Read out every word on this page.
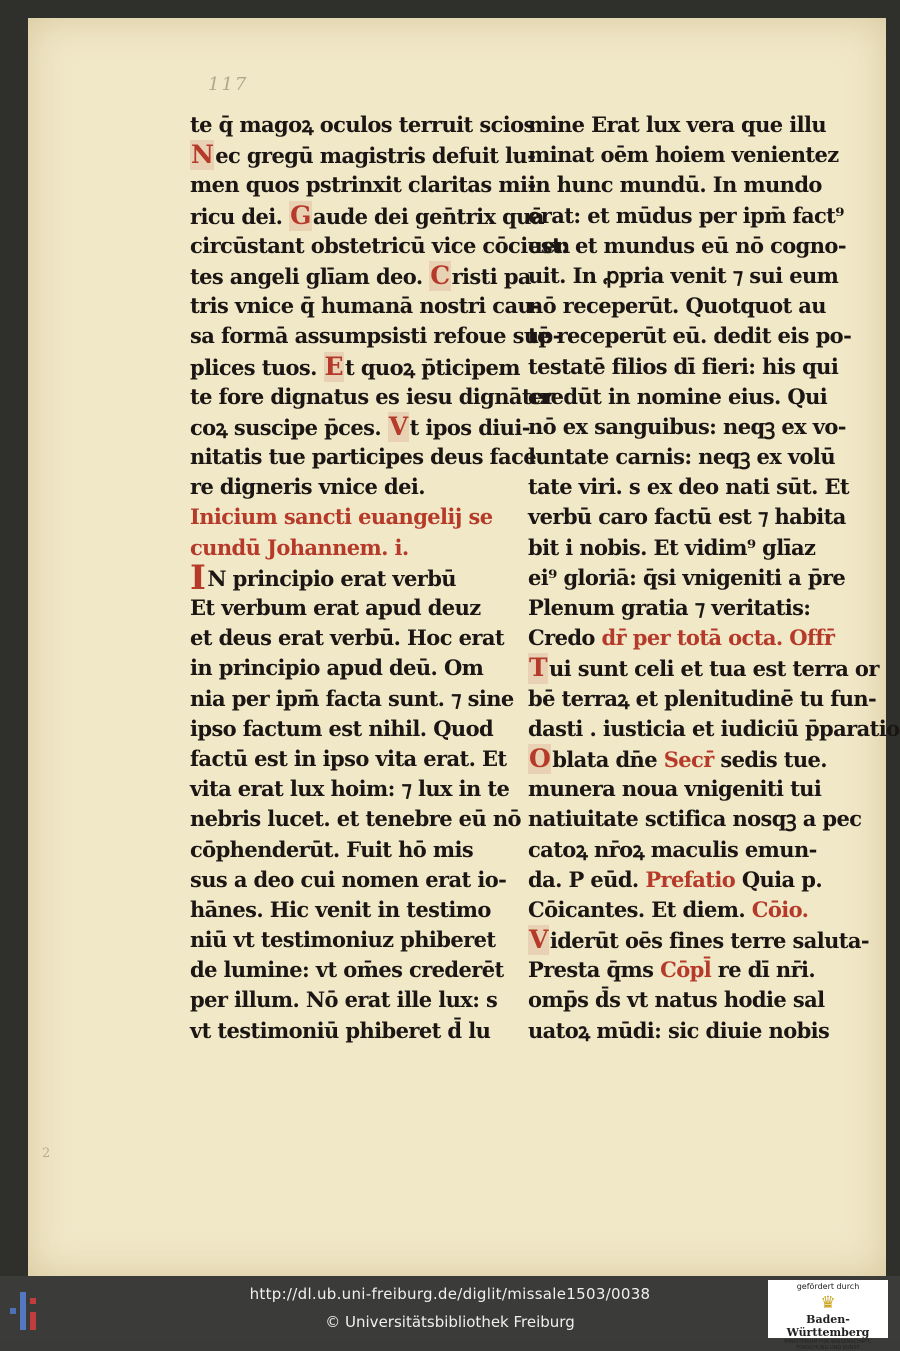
117
2
te q̄ magoꝝ oculos terruit scios
Nec gregū magistris defuit lu-
men quos pstrinxit claritas mi-
ricu dei. Gaude dei gen̄trix quā
circūstant obstetricū vice cōciuen
tes angeli glīam deo. Cristi pa
tris vnice q̄ humanā nostri cau-
sa formā assumpsisti refoue sup-
plices tuos. Et quoꝝ p̄ticipem
te fore dignatus es iesu dignāter
coꝝ suscipe p̄ces. Vt ipos diui-
nitatis tue participes deus face
re digneris vnice dei.
Inicium sancti euangelij se
cundū Johannem. i.
IN principio erat verbū
Et verbum erat apud deuz
et deus erat verbū. Hoc erat
in principio apud deū. Om
nia per ipm̄ facta sunt. ⁊ sine
ipso factum est nihil. Quod
factū est in ipso vita erat. Et
vita erat lux hoim: ⁊ lux in te
nebris lucet. et tenebre eū nō
cōphenderūt. Fuit hō mis
sus a deo cui nomen erat io-
hānes. Hic venit in testimo
niū vt testimoniuz phiberet
de lumine: vt om̄es crederēt
per illum. Nō erat ille lux: s
vt testimoniū phiberet d̄ lu
mine Erat lux vera que illu
minat oēm hoiem venientez
in hunc mundū. In mundo
erat: et mūdus per ipm̄ fact⁹
est: et mundus eū nō cogno-
uit. In ꝓpria venit ⁊ sui eum
nō receperūt. Quotquot au
tē receperūt eū. dedit eis po-
testatē filios dī fieri: his qui
credūt in nomine eius. Qui
nō ex sanguibus: neqꝫ ex vo-
luntate carnis: neqꝫ ex volū
tate viri. s ex deo nati sūt. Et
verbū caro factū est ⁊ habita
bit i nobis. Et vidim⁹ glīaz
ei⁹ gloriā: q̄si vnigeniti a p̄re
Plenum gratia ⁊ veritatis:
Credo dr̄ per totā octa. Offr̄
Tui sunt celi et tua est terra or
bē terraꝝ et plenitudinē tu fun-
dasti . iusticia et iudiciū p̄paratio
Oblata dn̄e Secr̄ sedis tue.
munera noua vnigeniti tui
natiuitate sctifica nosqꝫ a pec
catoꝝ nr̄oꝝ maculis emun-
da. P eūd. Prefatio Quia p.
Cōicantes. Et diem. Cōio.
Viderūt oēs fines terre saluta-
Presta q̄ms Cōpl̄ re dī nr̄i.
omp̄s d̄s vt natus hodie sal
uatoꝝ mūdi: sic diuie nobis
http://dl.ub.uni-freiburg.de/diglit/missale1503/0038
© Universitätsbibliothek Freiburg
gefördert durch
♛
Baden-Württemberg
MINISTERIUM FÜR WISSENSCHAFT, FORSCHUNG UND KUNST
